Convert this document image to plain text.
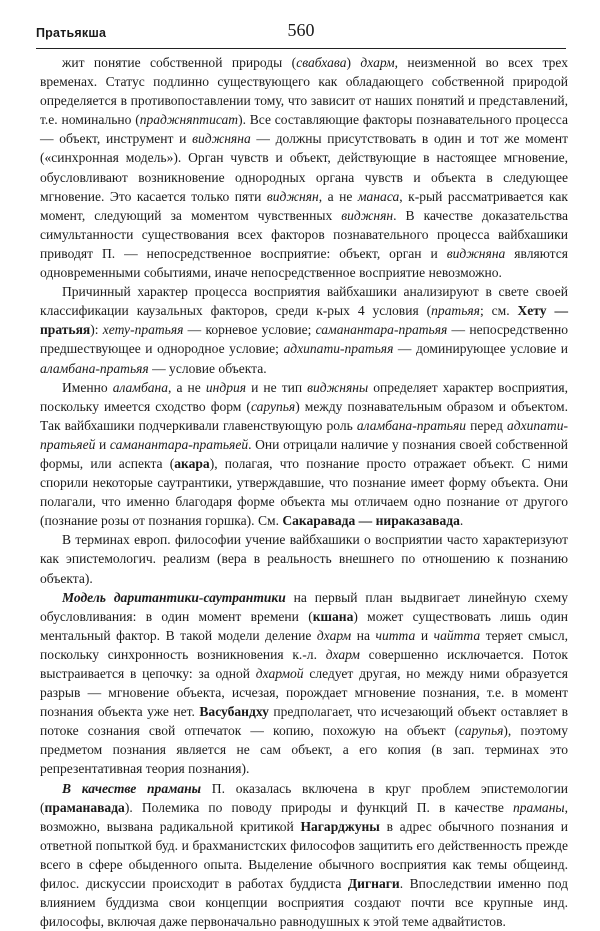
Пратьякша	560

жит понятие собственной природы (свабхава) дхарм, неизменной во всех трех временах. Статус подлинно существующего как обладающего собственной природой определяется в противопоставлении тому, что зависит от наших понятий и представлений, т.е. номинально (праджняптисат). Все составляющие факторы познавательного процесса — объект, инструмент и виджняна — должны присутствовать в один и тот же момент («синхронная модель»). Орган чувств и объект, действующие в настоящее мгновение, обусловливают возникновение однородных органа чувств и объекта в следующее мгновение. Это касается только пяти виджнян, а не манаса, к-рый рассматривается как момент, следующий за моментом чувственных виджнян. В качестве доказательства симультанности существования всех факторов познавательного процесса вайбхашики приводят П. — непосредственное восприятие: объект, орган и виджняна являются одновременными событиями, иначе непосредственное восприятие невозможно.

Причинный характер процесса восприятия вайбхашики анализируют в свете своей классификации каузальных факторов, среди к-рых 4 условия (пратьяя; см. Хету — пратьяя): хету-пратьяя — корневое условие; саманантара-пратьяя — непосредственно предшествующее и однородное условие; адхипати-пратьяя — доминирующее условие и аламбана-пратьяя — условие объекта.

Именно аламбана, а не индрия и не тип виджняны определяет характер восприятия, поскольку имеется сходство форм (сарупья) между познавательным образом и объектом. Так вайбхашики подчеркивали главенствующую роль аламбана-пратьяи перед адхипати-пратьяей и саманантара-пратьяей. Они отрицали наличие у познания своей собственной формы, или аспекта (акара), полагая, что познание просто отражает объект. С ними спорили некоторые саутрантики, утверждавшие, что познание имеет форму объекта. Они полагали, что именно благодаря форме объекта мы отличаем одно познание от другого (познание розы от познания горшка). См. Сакаравада — нираказавада.

В терминах европ. философии учение вайбхашики о восприятии часто характеризуют как эпистемологич. реализм (вера в реальность внешнего по отношению к познанию объекта).

Модель даритантики-саутрантики на первый план выдвигает линейную схему обусловливания: в один момент времени (кшана) может существовать лишь один ментальный фактор. В такой модели деление дхарм на читта и чайтта теряет смысл, поскольку синхронность возникновения к.-л. дхарм совершенно исключается. Поток выстраивается в цепочку: за одной дхармой следует другая, но между ними образуется разрыв — мгновение объекта, исчезая, порождает мгновение познания, т.е. в момент познания объекта уже нет. Васубандху предполагает, что исчезающий объект оставляет в потоке сознания свой отпечаток — копию, похожую на объект (сарупья), поэтому предметом познания является не сам объект, а его копия (в зап. терминах это репрезентативная теория познания).

В качестве праманы П. оказалась включена в круг проблем эпистемологии (праманавада). Полемика по поводу природы и функций П. в качестве праманы, возможно, вызвана радикальной критикой Нагарджуны в адрес обычного познания и ответной попыткой буд. и брахманистских философов защитить его действенность прежде всего в сфере обыденного опыта. Выделение обычного восприятия как темы общеинд. филос. дискуссии происходит в работах буддиста Дигнаги. Впоследствии именно под влиянием буддизма свои концепции восприятия создают почти все крупные инд. философы, включая даже первоначально равнодушных к этой теме адвайтистов.
